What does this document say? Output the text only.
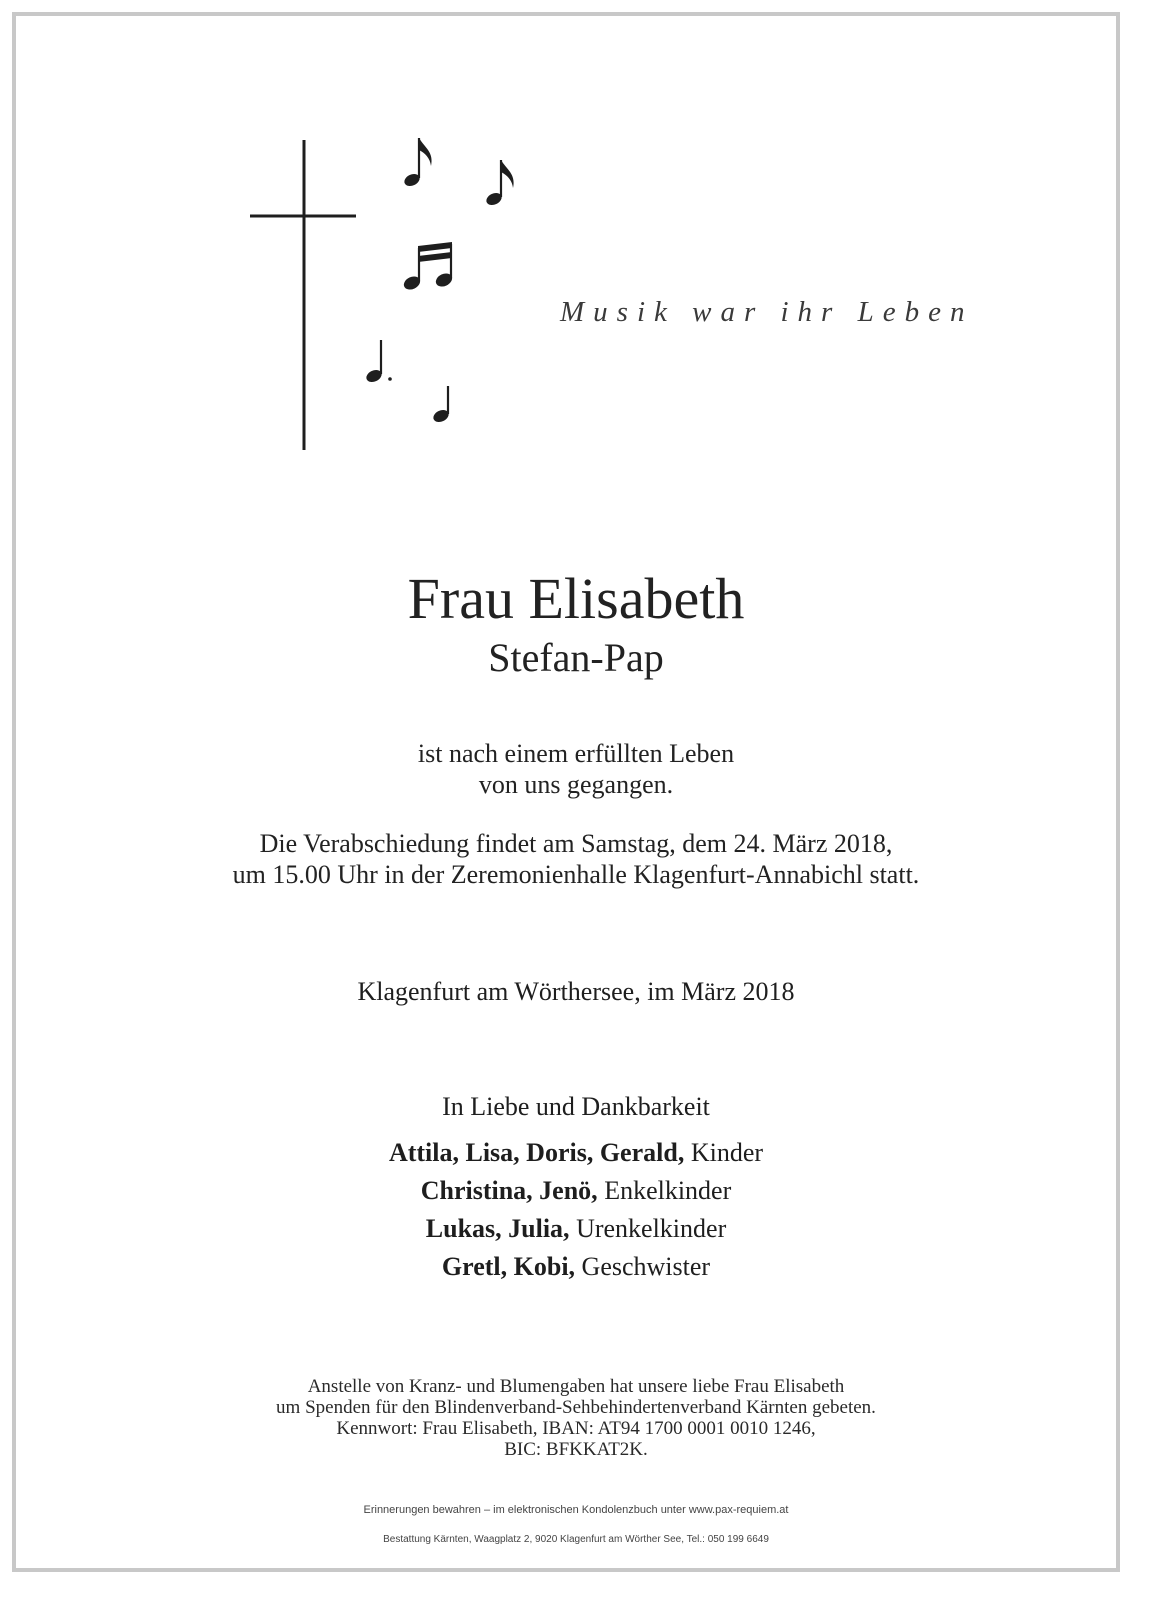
Musik war ihr Leben
Frau Elisabeth
Stefan-Pap
ist nach einem erfüllten Leben
von uns gegangen.
Die Verabschiedung findet am Samstag, dem 24. März 2018,
um 15.00 Uhr in der Zeremonienhalle Klagenfurt-Annabichl statt.
Klagenfurt am Wörthersee, im März 2018
In Liebe und Dankbarkeit
Attila, Lisa, Doris, Gerald, Kinder
Christina, Jenö, Enkelkinder
Lukas, Julia, Urenkelkinder
Gretl, Kobi, Geschwister
Anstelle von Kranz- und Blumengaben hat unsere liebe Frau Elisabeth
um Spenden für den Blindenverband-Sehbehindertenverband Kärnten gebeten.
Kennwort: Frau Elisabeth, IBAN: AT94 1700 0001 0010 1246,
BIC: BFKKAT2K.
Erinnerungen bewahren – im elektronischen Kondolenzbuch unter www.pax-requiem.at
Bestattung Kärnten, Waagplatz 2, 9020 Klagenfurt am Wörther See, Tel.: 050 199 6649
